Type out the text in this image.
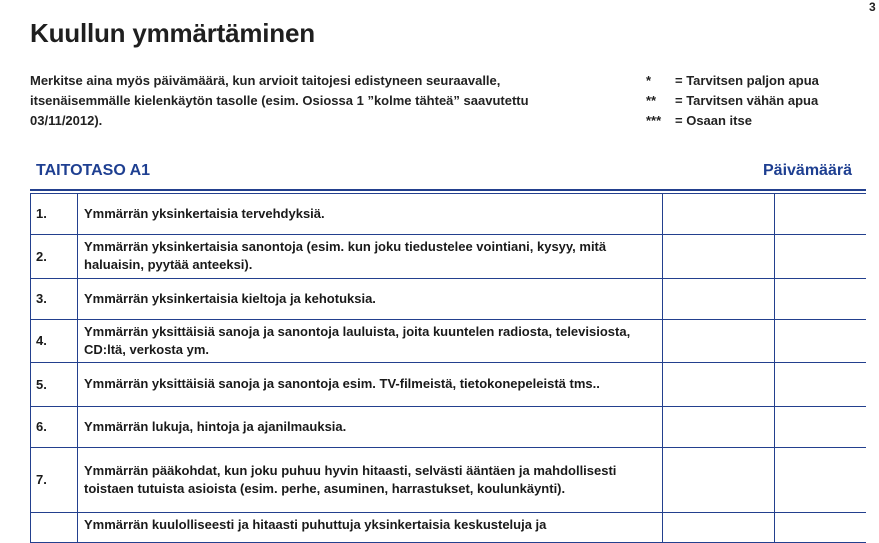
3
Kuullun ymmärtäminen
Merkitse aina myös päivämäärä, kun arvioit taitojesi edistyneen seuraavalle, itsenäisemmälle kielenkäytön tasolle (esim. Osiossa 1 ”kolme tähteä” saavutettu 03/11/2012).
*	= Tarvitsen paljon apua
**	= Tarvitsen vähän apua
***	= Osaan itse
TAITOTASO A1	Päivämäärä
1.	Ymmärrän yksinkertaisia tervehdyksiä.		
2.	Ymmärrän yksinkertaisia sanontoja (esim. kun joku tiedustelee vointiani, kysyy, mitä haluaisin, pyytää anteeksi).		
3.	Ymmärrän yksinkertaisia kieltoja ja kehotuksia.		
4.	Ymmärrän yksittäisiä sanoja ja sanontoja lauluista, joita kuuntelen radiosta, televisiosta, CD:ltä, verkosta ym.		
5.	Ymmärrän yksittäisiä sanoja ja sanontoja esim. TV-filmeistä, tietokonepeleistä tms..		
6.	Ymmärrän lukuja, hintoja ja ajanilmauksia.		
7.	Ymmärrän pääkohdat, kun joku puhuu hyvin hitaasti, selvästi ääntäen ja mahdollisesti toistaen tutuista asioista (esim. perhe, asuminen, harrastukset, koulunkäynti).		
	Ymmärrän kuulolliseesti ja hitaasti puhuttuja yksinkertaisia keskusteluja ja		
